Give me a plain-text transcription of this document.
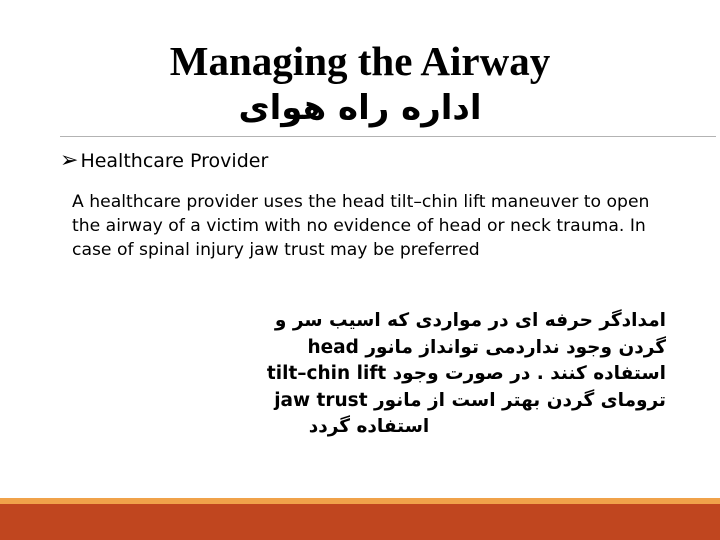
Managing the Airway
اداره راه هوای
➢ Healthcare Provider
A healthcare provider uses the head tilt–chin lift maneuver to open the airway of a victim with no evidence of head or neck trauma. In case of spinal injury jaw trust may be preferred
امدادگر حرفه ای در مواردی که اسیب سر و
گردن وجود نداردمی توانداز مانور head
استفاده کنند . در صورت وجود tilt–chin lift
ترومای گردن بهتر است از مانور jaw trust
استفاده گردد
